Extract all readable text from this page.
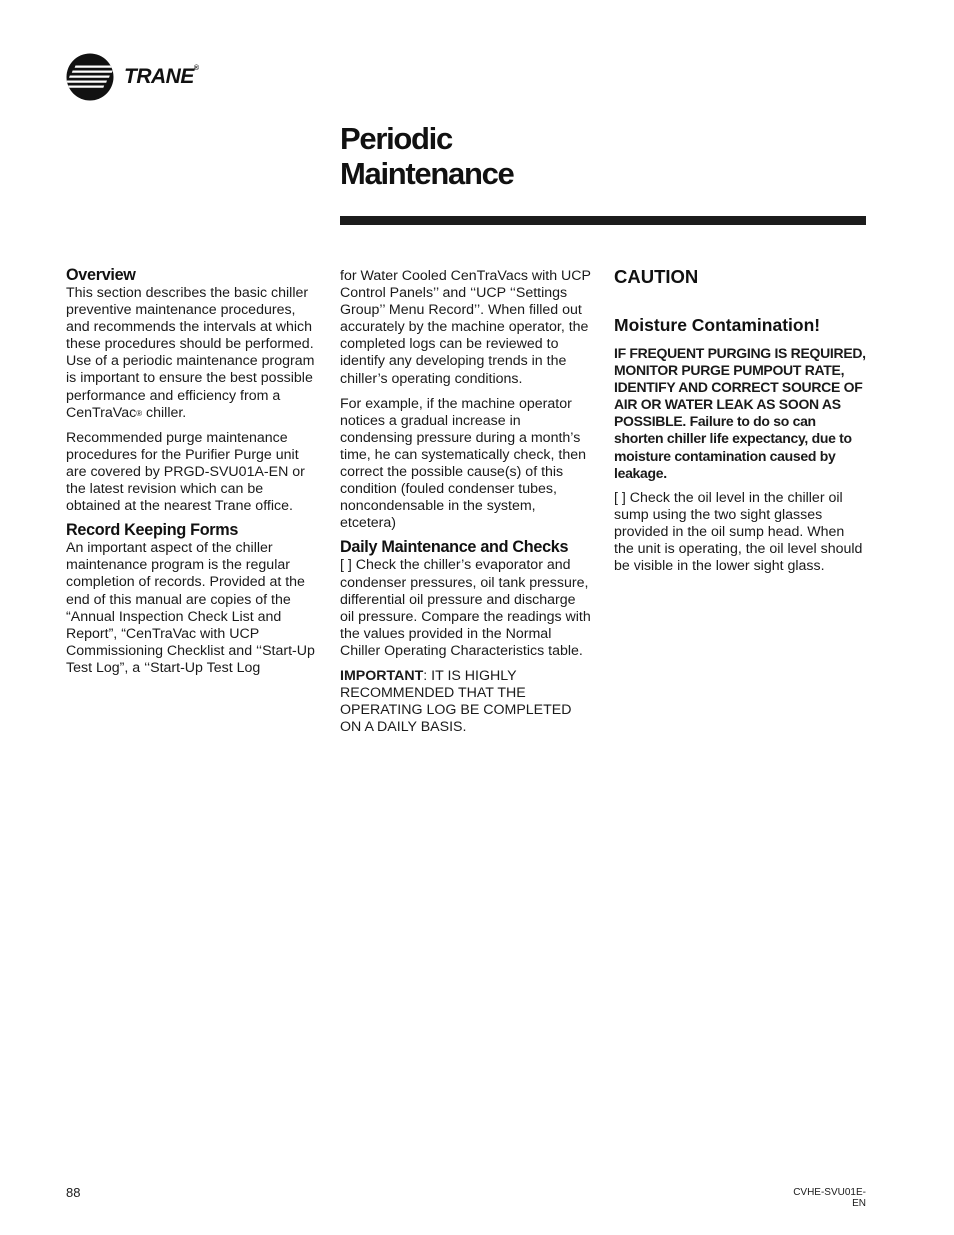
TRANE®
Periodic
Maintenance
Overview

This section describes the basic chiller preventive maintenance procedures, and recommends the intervals at which these procedures should be performed. Use of a periodic maintenance program is important to ensure the best possible performance and efficiency from a CenTraVac® chiller.

Recommended purge maintenance procedures for the Purifier Purge unit are covered by PRGD-SVU01A-EN or the latest revision which can be obtained at the nearest Trane office.

Record Keeping Forms

An important aspect of the chiller maintenance program is the regular completion of records. Provided at the end of this manual are copies of the “Annual Inspection Check List and Report”, “CenTraVac with UCP Commissioning Checklist and ‘‘Start-Up Test Log”, a ‘‘Start-Up Test Log

for Water Cooled CenTraVacs with UCP Control Panels’’ and ‘‘UCP ‘‘Settings Group’’ Menu Record’’. When filled out accurately by the machine operator, the completed logs can be reviewed to identify any developing trends in the chiller’s operating conditions.

For example, if the machine operator notices a gradual increase in condensing pressure during a month’s time, he can systematically check, then correct the possible cause(s) of this condition (fouled condenser tubes, noncondensable in the system, etcetera)

Daily Maintenance and Checks

[ ] Check the chiller’s evaporator and condenser pressures, oil tank pressure, differential oil pressure and discharge oil pressure. Compare the readings with the values provided in the Normal Chiller Operating Characteristics table.

IMPORTANT: IT IS HIGHLY RECOMMENDED THAT THE OPERATING LOG BE COMPLETED ON A DAILY BASIS.

CAUTION
Moisture Contamination!

IF FREQUENT PURGING IS REQUIRED, MONITOR PURGE PUMPOUT RATE, IDENTIFY AND CORRECT SOURCE OF AIR OR WATER LEAK AS SOON AS POSSIBLE. Failure to do so can shorten chiller life expectancy, due to moisture contamination caused by leakage.

[ ] Check the oil level in the chiller oil sump using the two sight glasses provided in the oil sump head. When the unit is operating, the oil level should be visible in the lower sight glass.

88	CVHE-SVU01E-EN
